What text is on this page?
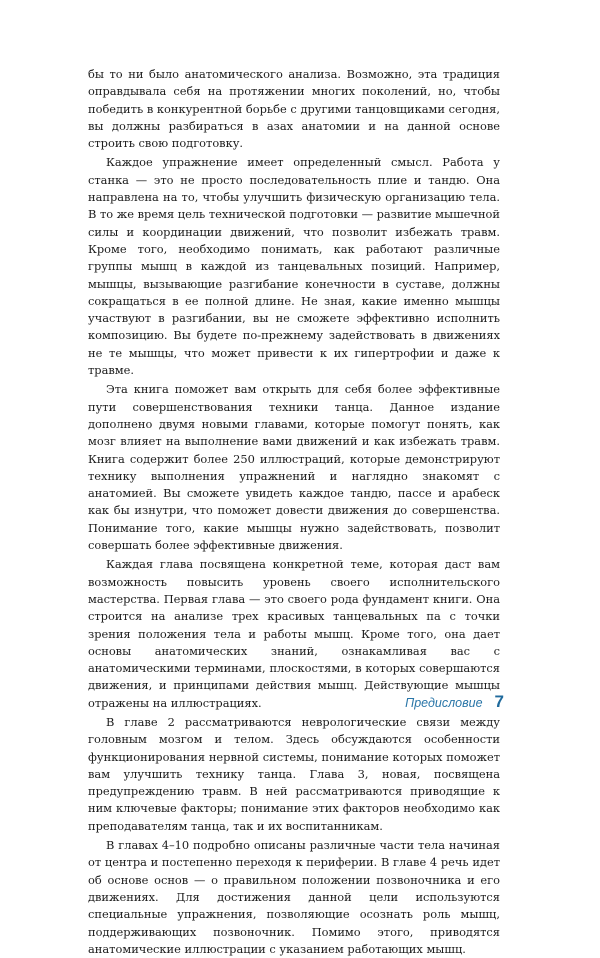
бы то ни было анатомического анализа. Возможно, эта традиция оправдывала себя на протяжении многих поколений, но, чтобы победить в конкурентной борьбе с другими танцовщиками сегодня, вы должны разбираться в азах анатомии и на данной основе строить свою подготовку.

Каждое упражнение имеет определенный смысл. Работа у станка — это не просто последовательность плие и тандю. Она направлена на то, чтобы улучшить физическую организацию тела. В то же время цель технической подготовки — развитие мышечной силы и координации движений, что позволит избежать травм. Кроме того, необходимо понимать, как работают различные группы мышц в каждой из танцевальных позиций. Например, мышцы, вызывающие разгибание конечности в суставе, должны сокращаться в ее полной длине. Не зная, какие именно мышцы участвуют в разгибании, вы не сможете эффективно исполнить композицию. Вы будете по-прежнему задействовать в движениях не те мышцы, что может привести к их гипертрофии и даже к травме.

Эта книга поможет вам открыть для себя более эффективные пути совершенствования техники танца. Данное издание дополнено двумя новыми главами, которые помогут понять, как мозг влияет на выполнение вами движений и как избежать травм. Книга содержит более 250 иллюстраций, которые демонстрируют технику выполнения упражнений и наглядно знакомят с анатомией. Вы сможете увидеть каждое тандю, пассе и арабеск как бы изнутри, что поможет довести движения до совершенства. Понимание того, какие мышцы нужно задействовать, позволит совершать более эффективные движения.

Каждая глава посвящена конкретной теме, которая даст вам возможность повысить уровень своего исполнительского мастерства. Первая глава — это своего рода фундамент книги. Она строится на анализе трех красивых танцевальных па с точки зрения положения тела и работы мышц. Кроме того, она дает основы анатомических знаний, ознакамливая вас с анатомическими терминами, плоскостями, в которых совершаются движения, и принципами действия мышц. Действующие мышцы отражены на иллюстрациях.

В главе 2 рассматриваются неврологические связи между головным мозгом и телом. Здесь обсуждаются особенности функционирования нервной системы, понимание которых поможет вам улучшить технику танца. Глава 3, новая, посвящена предупреждению травм. В ней рассматриваются приводящие к ним ключевые факторы; понимание этих факторов необходимо как преподавателям танца, так и их воспитанникам.

В главах 4–10 подробно описаны различные части тела начиная от центра и постепенно переходя к периферии. В главе 4 речь идет об основе основ — о правильном положении позвоночника и его движениях. Для достижения данной цели используются специальные упражнения, позволяющие осознать роль мышц, поддерживающих позвоночник. Помимо этого, приводятся анатомические иллюстрации с указанием работающих мышц.

Предисловие 7
